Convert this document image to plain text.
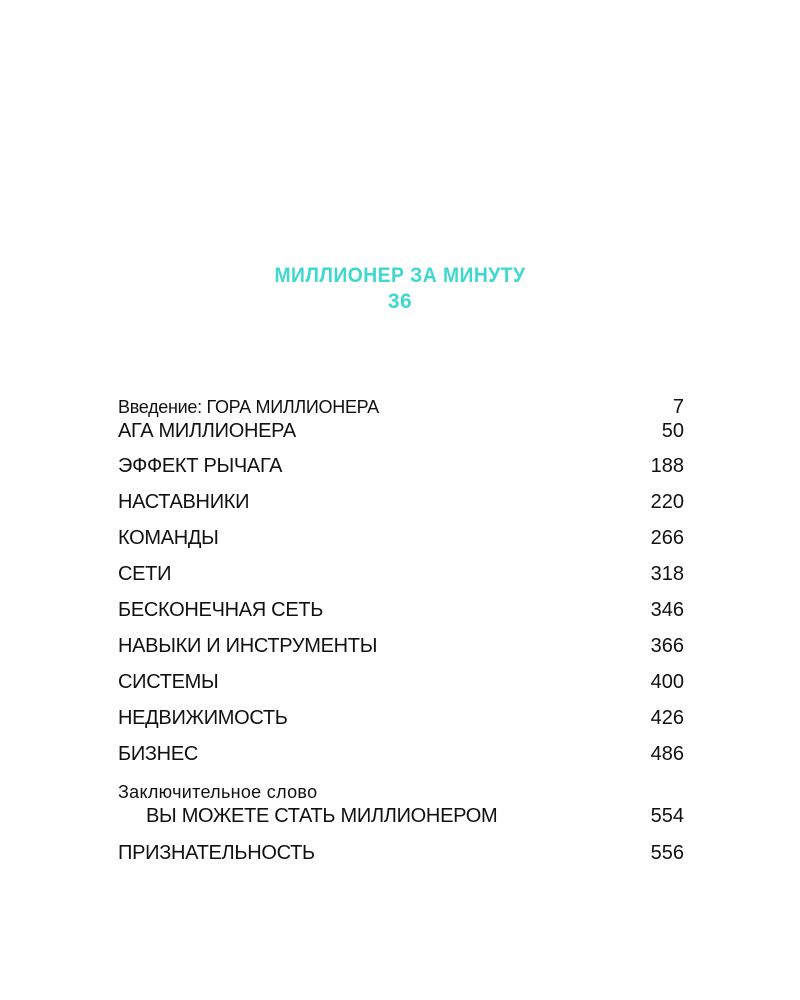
МИЛЛИОНЕР ЗА МИНУТУ
36
Введение: ГОРА МИЛЛИОНЕРА	7
АГА МИЛЛИОНЕРА	50
ЭФФЕКТ РЫЧАГА	188
НАСТАВНИКИ	220
КОМАНДЫ	266
СЕТИ	318
БЕСКОНЕЧНАЯ СЕТЬ	346
НАВЫКИ И ИНСТРУМЕНТЫ	366
СИСТЕМЫ	400
НЕДВИЖИМОСТЬ	426
БИЗНЕС	486
Заключительное слово
ВЫ МОЖЕТЕ СТАТЬ МИЛЛИОНЕРОМ	554
ПРИЗНАТЕЛЬНОСТЬ	556
